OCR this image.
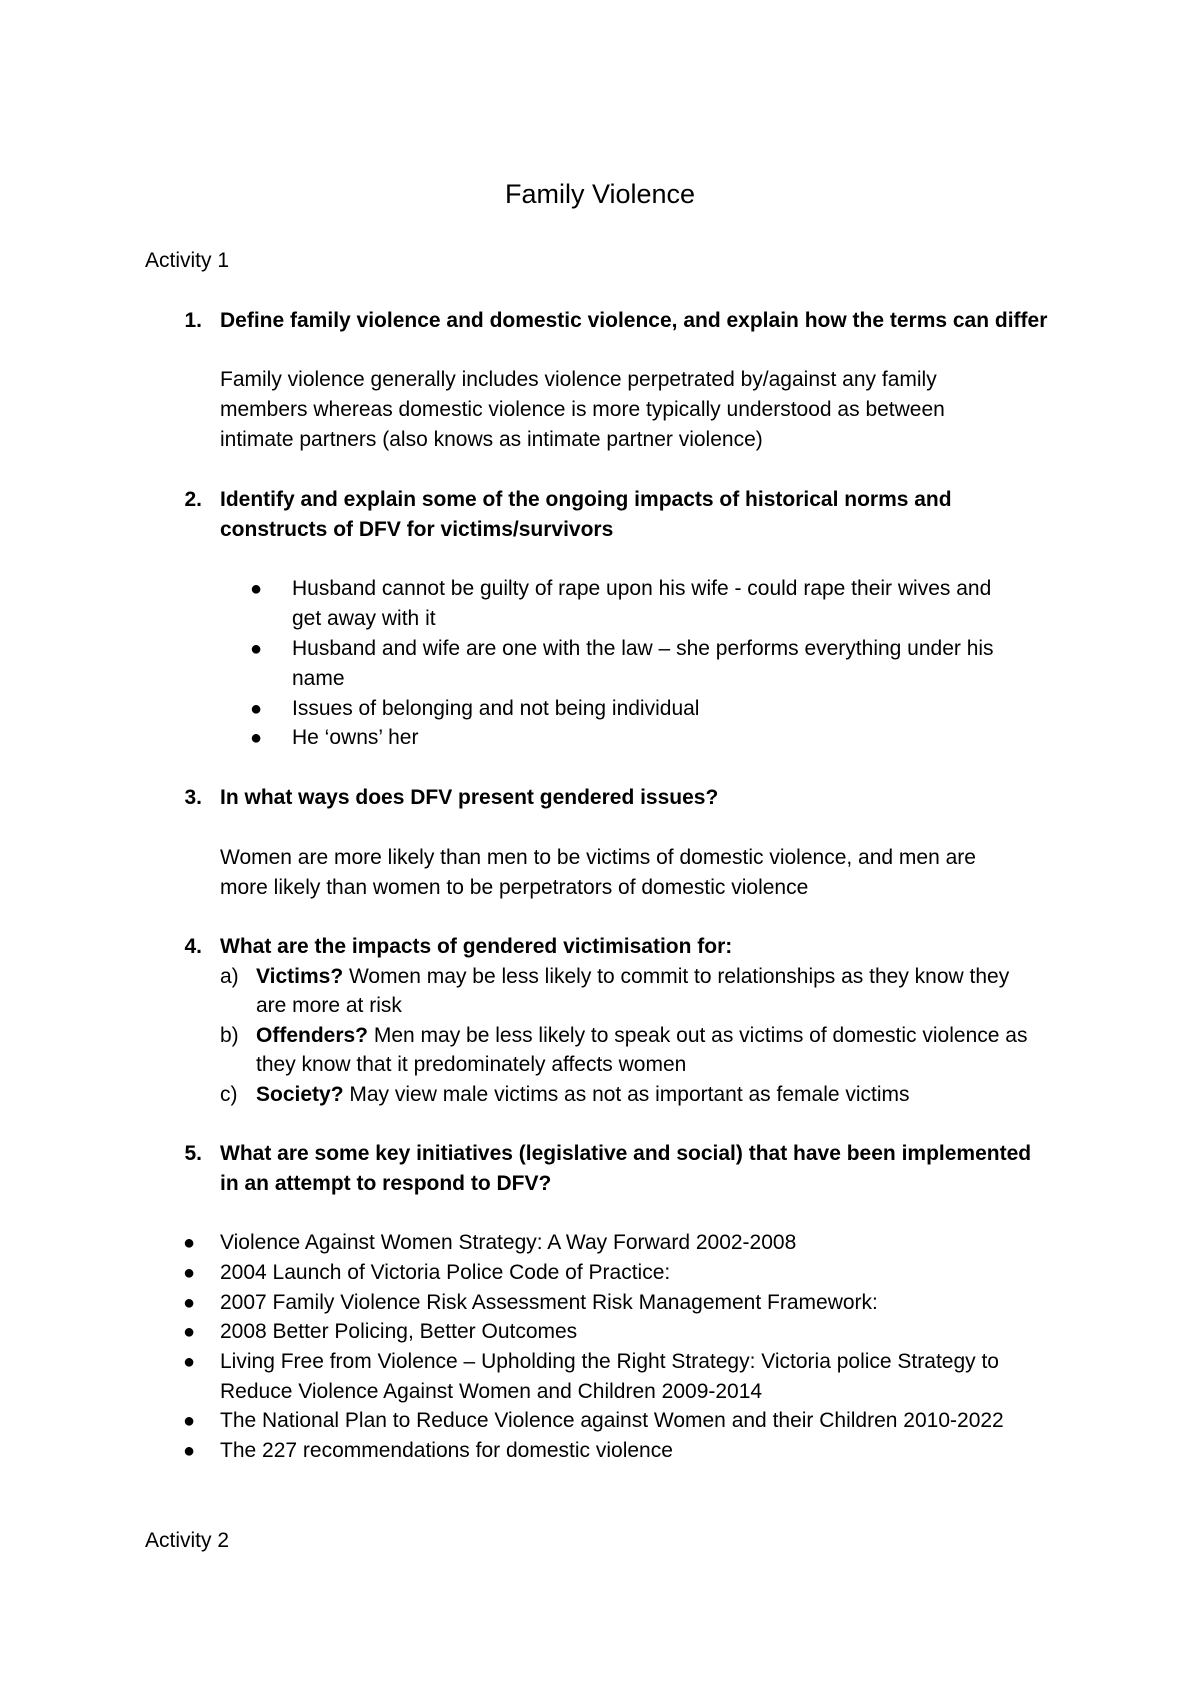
Family Violence
Activity 1
1. Define family violence and domestic violence, and explain how the terms can differ
Family violence generally includes violence perpetrated by/against any family
members whereas domestic violence is more typically understood as between
intimate partners (also knows as intimate partner violence)
2. Identify and explain some of the ongoing impacts of historical norms and
constructs of DFV for victims/survivors
● Husband cannot be guilty of rape upon his wife - could rape their wives and
get away with it
● Husband and wife are one with the law – she performs everything under his
name
● Issues of belonging and not being individual
● He ‘owns’ her
3. In what ways does DFV present gendered issues?
Women are more likely than men to be victims of domestic violence, and men are
more likely than women to be perpetrators of domestic violence
4. What are the impacts of gendered victimisation for:
a) Victims? Women may be less likely to commit to relationships as they know they
are more at risk
b) Offenders? Men may be less likely to speak out as victims of domestic violence as
they know that it predominately affects women
c) Society? May view male victims as not as important as female victims
5. What are some key initiatives (legislative and social) that have been implemented
in an attempt to respond to DFV?
● Violence Against Women Strategy: A Way Forward 2002-2008
● 2004 Launch of Victoria Police Code of Practice:
● 2007 Family Violence Risk Assessment Risk Management Framework:
● 2008 Better Policing, Better Outcomes
● Living Free from Violence – Upholding the Right Strategy: Victoria police Strategy to
Reduce Violence Against Women and Children 2009-2014
● The National Plan to Reduce Violence against Women and their Children 2010-2022
● The 227 recommendations for domestic violence
Activity 2
